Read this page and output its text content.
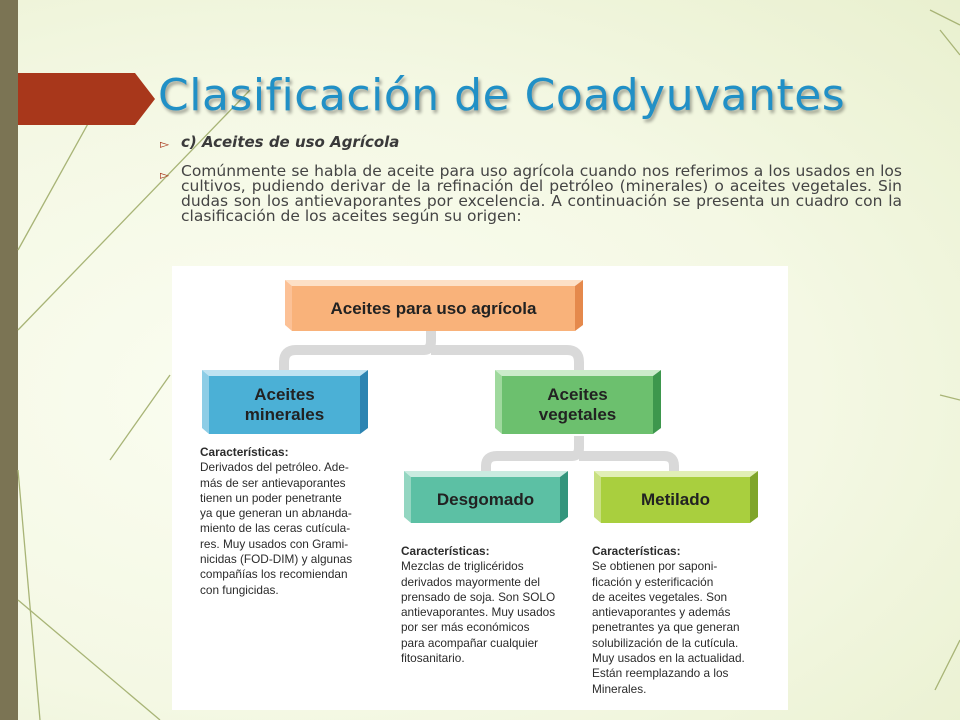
Clasificación de Coadyuvantes
▻ c) Aceites de uso Agrícola
▻ Comúnmente se habla de aceite para uso agrícola cuando nos referimos a los usados en los cultivos, pudiendo derivar de la refinación del petróleo (minerales) o aceites vegetales. Sin dudas son los antievaporantes por excelencia. A continuación se presenta un cuadro con la clasificación de los aceites según su origen:
Aceites para uso agrícola
Aceites
minerales
Aceites
vegetales
Desgomado	Metilado
Características:
Derivados del petróleo. Ade-
más de ser antievaporantes
tienen un poder penetrante
ya que generan un abланda-
miento de las ceras cutícula-
res. Muy usados con Grami-
nicidas (FOD-DIM) y algunas
compañías los recomiendan
con fungicidas.
Características:
Mezclas de triglicéridos
derivados mayormente del
prensado de soja. Son SOLO
antievaporantes. Muy usados
por ser más económicos
para acompañar cualquier
fitosanitario.
Características:
Se obtienen por saponi-
ficación y esterificación
de aceites vegetales. Son
antievaporantes y además
penetrantes ya que generan
solubilización de la cutícula.
Muy usados en la actualidad.
Están reemplazando a los
Minerales.
